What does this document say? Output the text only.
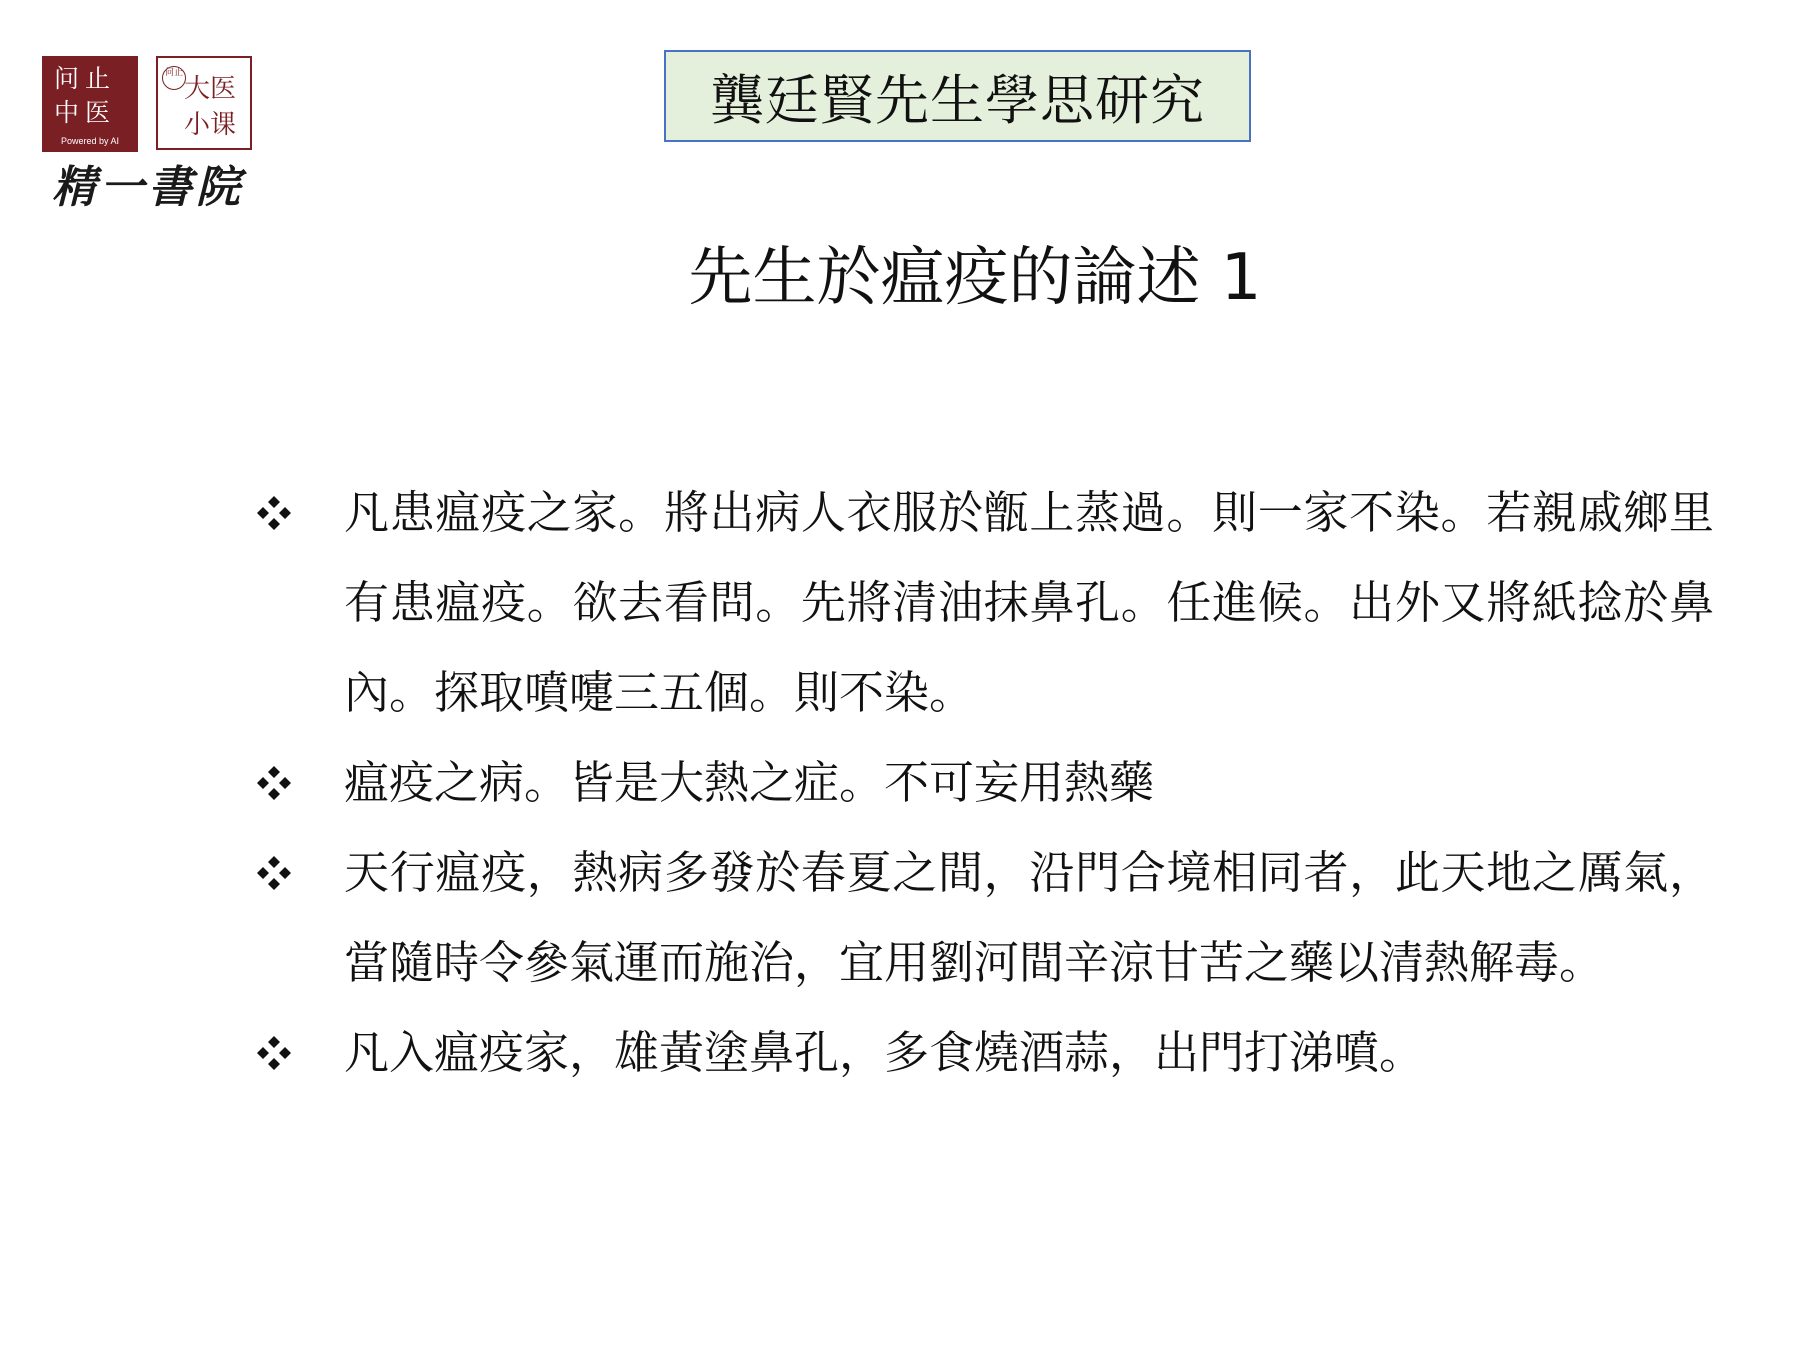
问止
中医
Powered by AI
问止
大医
小课
精一書院
龔廷賢先生學思研究
先生於瘟疫的論述 1
凡患瘟疫之家。將出病人衣服於甑上蒸過。則一家不染。若親戚鄉里有患瘟疫。欲去看問。先將清油抹鼻孔。任進候。出外又將紙捻於鼻內。探取噴嚏三五個。則不染。
瘟疫之病。皆是大熱之症。不可妄用熱藥
天行瘟疫，熱病多發於春夏之間，沿門合境相同者，此天地之厲氣，當隨時令參氣運而施治，宜用劉河間辛涼甘苦之藥以清熱解毒。
凡入瘟疫家，雄黃塗鼻孔，多食燒酒蒜，出門打涕噴。
